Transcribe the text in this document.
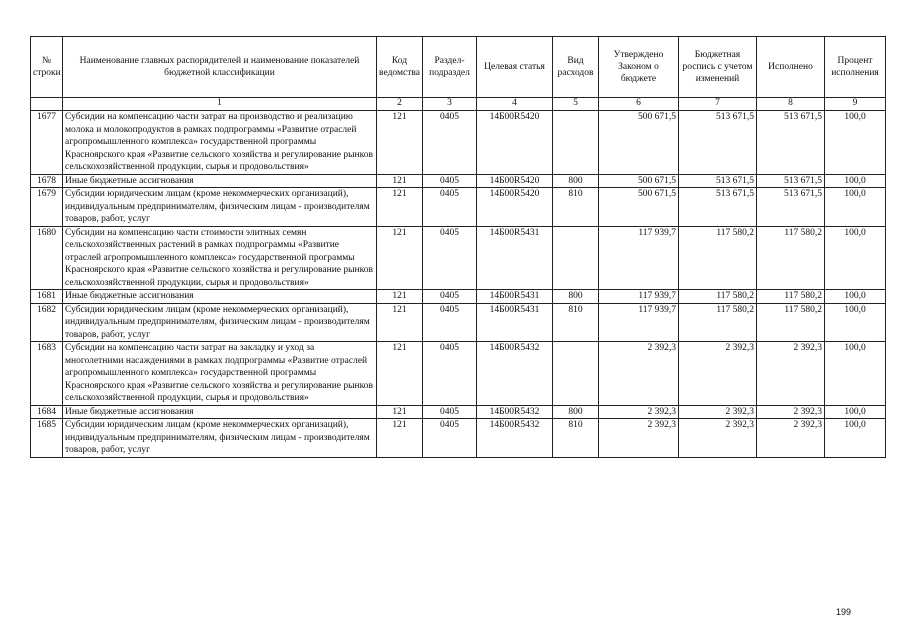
№ строки	Наименование главных распорядителей и наименование показателей бюджетной классификации	Код ведомства	Раздел-подраздел	Целевая статья	Вид расходов	Утверждено Законом о бюджете	Бюджетная роспись с учетом изменений	Исполнено	Процент исполнения
	1	2	3	4	5	6	7	8	9
1677	Субсидии на компенсацию части затрат на производство и реализацию молока и молокопродуктов в рамках подпрограммы «Развитие отраслей агропромышленного комплекса» государственной программы Красноярского края «Развитие сельского хозяйства и регулирование рынков сельскохозяйственной продукции, сырья и продовольствия»	121	0405	14Б00R5420		500 671,5	513 671,5	513 671,5	100,0
1678	Иные бюджетные ассигнования	121	0405	14Б00R5420	800	500 671,5	513 671,5	513 671,5	100,0
1679	Субсидии юридическим лицам (кроме некоммерческих организаций), индивидуальным предпринимателям, физическим лицам - производителям товаров, работ, услуг	121	0405	14Б00R5420	810	500 671,5	513 671,5	513 671,5	100,0
1680	Субсидии на компенсацию части стоимости элитных семян сельскохозяйственных растений в рамках подпрограммы «Развитие отраслей агропромышленного комплекса» государственной программы Красноярского края «Развитие сельского хозяйства и регулирование рынков сельскохозяйственной продукции, сырья и продовольствия»	121	0405	14Б00R5431		117 939,7	117 580,2	117 580,2	100,0
1681	Иные бюджетные ассигнования	121	0405	14Б00R5431	800	117 939,7	117 580,2	117 580,2	100,0
1682	Субсидии юридическим лицам (кроме некоммерческих организаций), индивидуальным предпринимателям, физическим лицам - производителям товаров, работ, услуг	121	0405	14Б00R5431	810	117 939,7	117 580,2	117 580,2	100,0
1683	Субсидии на компенсацию части затрат на закладку и уход за многолетними насаждениями в рамках подпрограммы «Развитие отраслей агропромышленного комплекса» государственной программы Красноярского края «Развитие сельского хозяйства и регулирование рынков сельскохозяйственной продукции, сырья и продовольствия»	121	0405	14Б00R5432		2 392,3	2 392,3	2 392,3	100,0
1684	Иные бюджетные ассигнования	121	0405	14Б00R5432	800	2 392,3	2 392,3	2 392,3	100,0
1685	Субсидии юридическим лицам (кроме некоммерческих организаций), индивидуальным предпринимателям, физическим лицам - производителям товаров, работ, услуг	121	0405	14Б00R5432	810	2 392,3	2 392,3	2 392,3	100,0
199
